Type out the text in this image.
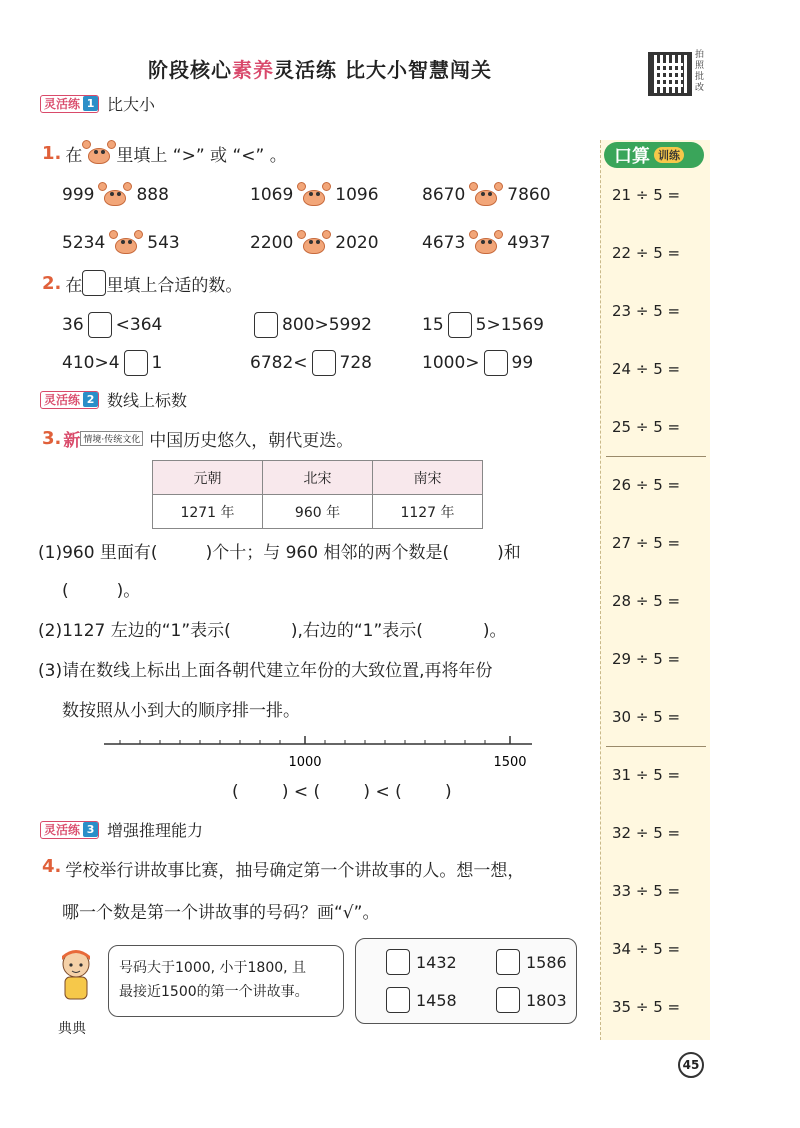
阶段核心素养灵活练 比大小智慧闯关
拍照批改
灵活练 1 比大小
1. 在 里填上 “>” 或 “<” 。
999 888	1069 1096	8670 7860
5234 543	2200 2020	4673 4937
2. 在 里填上合适的数。
36 <364	800>5992	15 5>1569
410>4 1	6782< 728	1000> 99
灵活练 2 数线上标数
3. 新 情境·传统文化 中国历史悠久，朝代更迭。
元朝	北宋	南宋
1271 年	960 年	1127 年
(1)960 里面有(	)个十；与 960 相邻的两个数是(	)和
(	)。
(2)1127 左边的“1”表示(	),右边的“1”表示(	)。
(3)请在数线上标出上面各朝代建立年份的大致位置,再将年份
数按照从小到大的顺序排一排。
1000	1500
(        ) < (        ) < (        )
灵活练 3 增强推理能力
4. 学校举行讲故事比赛，抽号确定第一个讲故事的人。想一想，
哪一个数是第一个讲故事的号码？画“√”。
典典
号码大于1000, 小于1800, 且
最接近1500的第一个讲故事。
1432	1586
1458	1803
口算 训练
21 ÷ 5 =
22 ÷ 5 =
23 ÷ 5 =
24 ÷ 5 =
25 ÷ 5 =
26 ÷ 5 =
27 ÷ 5 =
28 ÷ 5 =
29 ÷ 5 =
30 ÷ 5 =
31 ÷ 5 =
32 ÷ 5 =
33 ÷ 5 =
34 ÷ 5 =
35 ÷ 5 =
45
